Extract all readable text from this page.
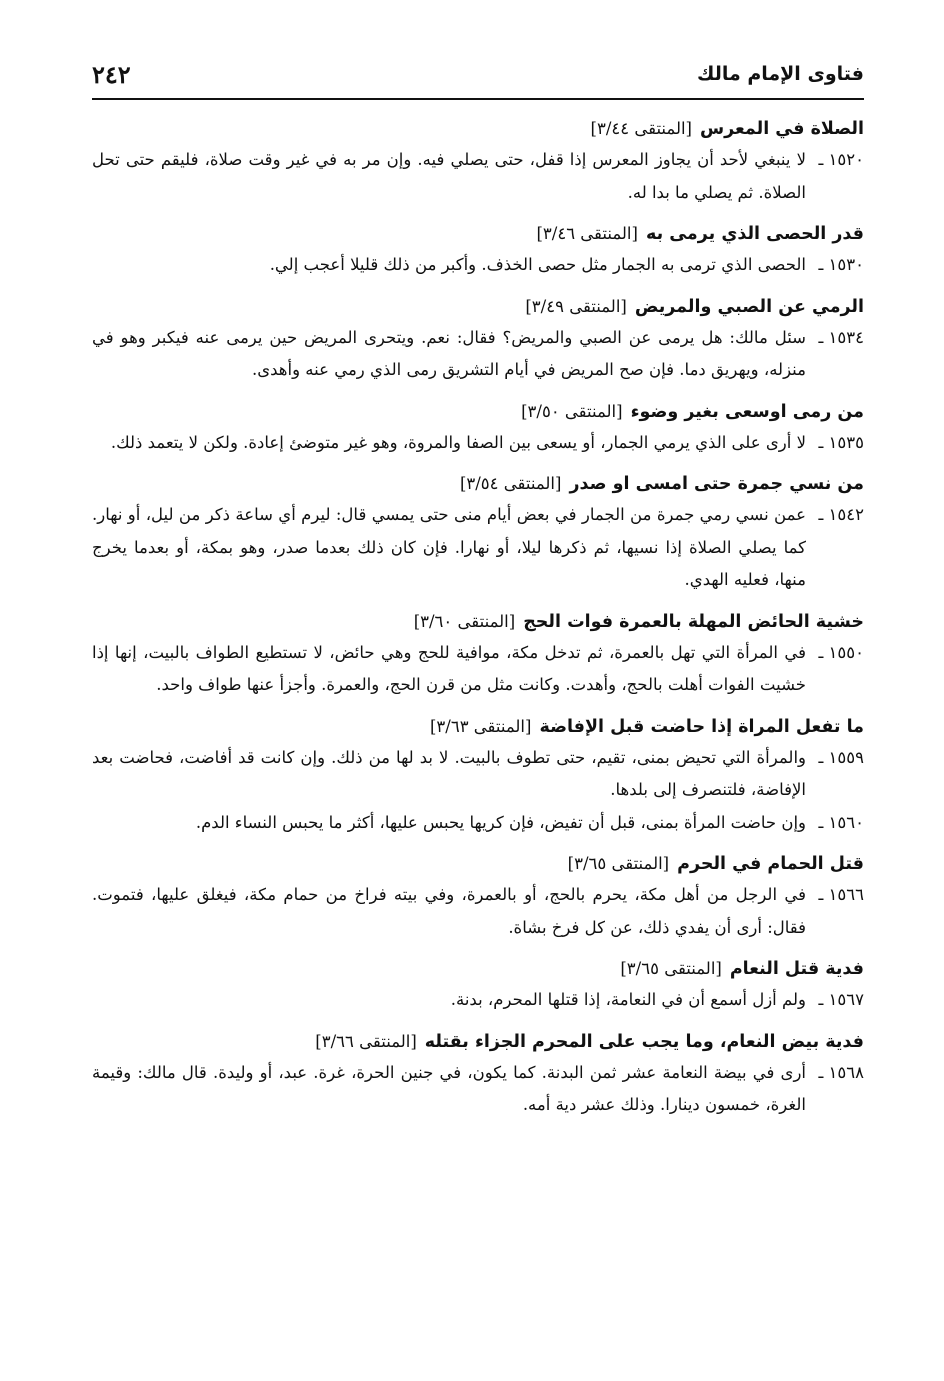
فتاوى الإمام مالك
٢٤٢

الصلاة في المعرس[المنتقى ٣/٤٤]

١٥٢٠ ـ
لا ينبغي لأحد أن يجاوز المعرس إذا قفل، حتى يصلي فيه. وإن مر به في غير وقت صلاة، فليقم حتى تحل الصلاة. ثم يصلي ما بدا له.

قدر الحصى الذي يرمى به[المنتقى ٣/٤٦]

١٥٣٠ ـ
الحصى الذي ترمى به الجمار مثل حصى الخذف. وأكبر من ذلك قليلا أعجب إلي.

الرمي عن الصبي والمريض[المنتقى ٣/٤٩]

١٥٣٤ ـ
سئل مالك: هل يرمى عن الصبي والمريض؟ فقال: نعم. ويتحرى المريض حين يرمى عنه فيكبر وهو في منزله، ويهريق دما. فإن صح المريض في أيام التشريق رمى الذي رمي عنه وأهدى.

من رمى اوسعى بغير وضوء[المنتقى ٣/٥٠]

١٥٣٥ ـ
لا أرى على الذي يرمي الجمار، أو يسعى بين الصفا والمروة، وهو غير متوضئ إعادة. ولكن لا يتعمد ذلك.

من نسي جمرة حتى امسى او صدر[المنتقى ٣/٥٤]

١٥٤٢ ـ
عمن نسي رمي جمرة من الجمار في بعض أيام منى حتى يمسي قال: ليرم أي ساعة ذكر من ليل، أو نهار. كما يصلي الصلاة إذا نسيها، ثم ذكرها ليلا، أو نهارا. فإن كان ذلك بعدما صدر، وهو بمكة، أو بعدما يخرج منها، فعليه الهدي.

خشية الحائض المهلة بالعمرة فوات الحج[المنتقى ٣/٦٠]

١٥٥٠ ـ
في المرأة التي تهل بالعمرة، ثم تدخل مكة، موافية للحج وهي حائض، لا تستطيع الطواف بالبيت، إنها إذا خشيت الفوات أهلت بالحج، وأهدت. وكانت مثل من قرن الحج، والعمرة. وأجزأ عنها طواف واحد.

ما تفعل المراة إذا حاضت قبل الإفاضة[المنتقى ٣/٦٣]

١٥٥٩ ـ
والمرأة التي تحيض بمنى، تقيم، حتى تطوف بالبيت. لا بد لها من ذلك. وإن كانت قد أفاضت، فحاضت بعد الإفاضة، فلتنصرف إلى بلدها.
١٥٦٠ ـ
وإن حاضت المرأة بمنى، قبل أن تفيض، فإن كريها يحبس عليها، أكثر ما يحبس النساء الدم.

قتل الحمام في الحرم[المنتقى ٣/٦٥]

١٥٦٦ ـ
في الرجل من أهل مكة، يحرم بالحج، أو بالعمرة، وفي بيته فراخ من حمام مكة، فيغلق عليها، فتموت. فقال: أرى أن يفدي ذلك، عن كل فرخ بشاة.

فدية قتل النعام[المنتقى ٣/٦٥]

١٥٦٧ ـ
ولم أزل أسمع أن في النعامة، إذا قتلها المحرم، بدنة.

فدية بيض النعام، وما يجب على المحرم الجزاء بقتله[المنتقى ٣/٦٦]

١٥٦٨ ـ
أرى في بيضة النعامة عشر ثمن البدنة. كما يكون، في جنين الحرة، غرة. عبد، أو وليدة. قال مالك: وقيمة الغرة، خمسون دينارا. وذلك عشر دية أمه.
